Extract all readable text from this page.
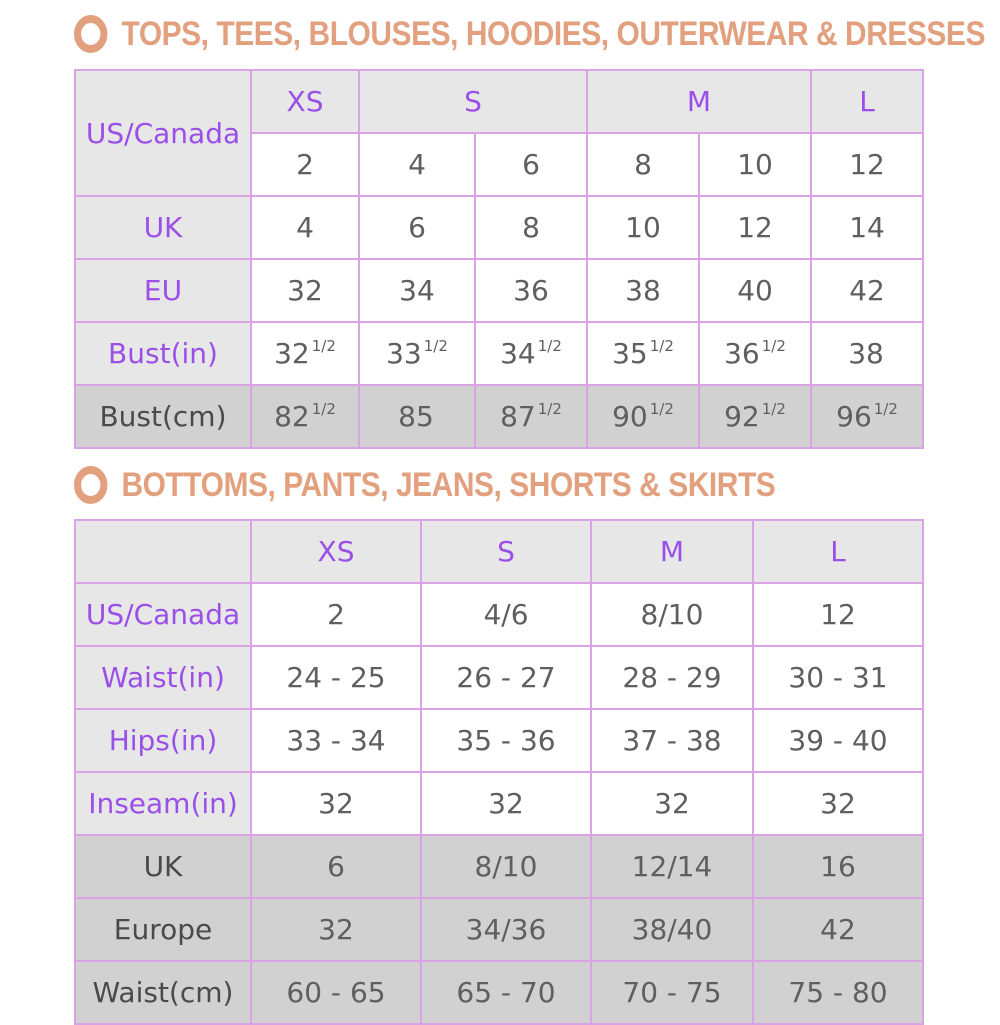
TOPS, TEES, BLOUSES, HOODIES, OUTERWEAR & DRESSES
US/Canada	XS	S		M		L
	2	4	6	8	10	12
UK	4	6	8	10	12	14
EU	32	34	36	38	40	42
Bust(in)	32 $^{1/2}$	33 $^{1/2}$	34 $^{1/2}$	35 $^{1/2}$	36 $^{1/2}$	38
Bust(cm)	82 $^{1/2}$	85	87 $^{1/2}$	90 $^{1/2}$	92 $^{1/2}$	96 $^{1/2}$
BOTTOMS, PANTS, JEANS, SHORTS & SKIRTS
	XS	S	M	L
US/Canada	2	4/6	8/10	12
Waist(in)	24 - 25	26 - 27	28 - 29	30 - 31
Hips(in)	33 - 34	35 - 36	37 - 38	39 - 40
Inseam(in)	32	32	32	32
UK	6	8/10	12/14	16
Europe	32	34/36	38/40	42
Waist(cm)	60 - 65	65 - 70	70 - 75	75 - 80
